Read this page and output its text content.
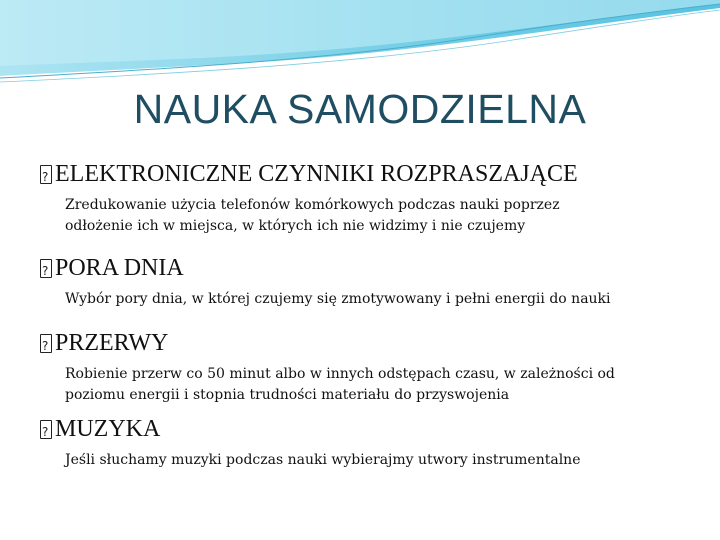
NAUKA SAMODZIELNA
?
ELEKTRONICZNE CZYNNIKI ROZPRASZAJĄCE
Zredukowanie użycia telefonów komórkowych podczas nauki poprzez
odłożenie ich w miejsca, w których ich nie widzimy i nie czujemy
?
PORA DNIA
Wybór pory dnia, w której czujemy się zmotywowany i pełni energii do nauki
?
PRZERWY
Robienie przerw co 50 minut albo w innych odstępach czasu, w zależności od
poziomu energii i stopnia trudności materiału do przyswojenia
?
MUZYKA
Jeśli słuchamy muzyki podczas nauki wybierajmy utwory instrumentalne
